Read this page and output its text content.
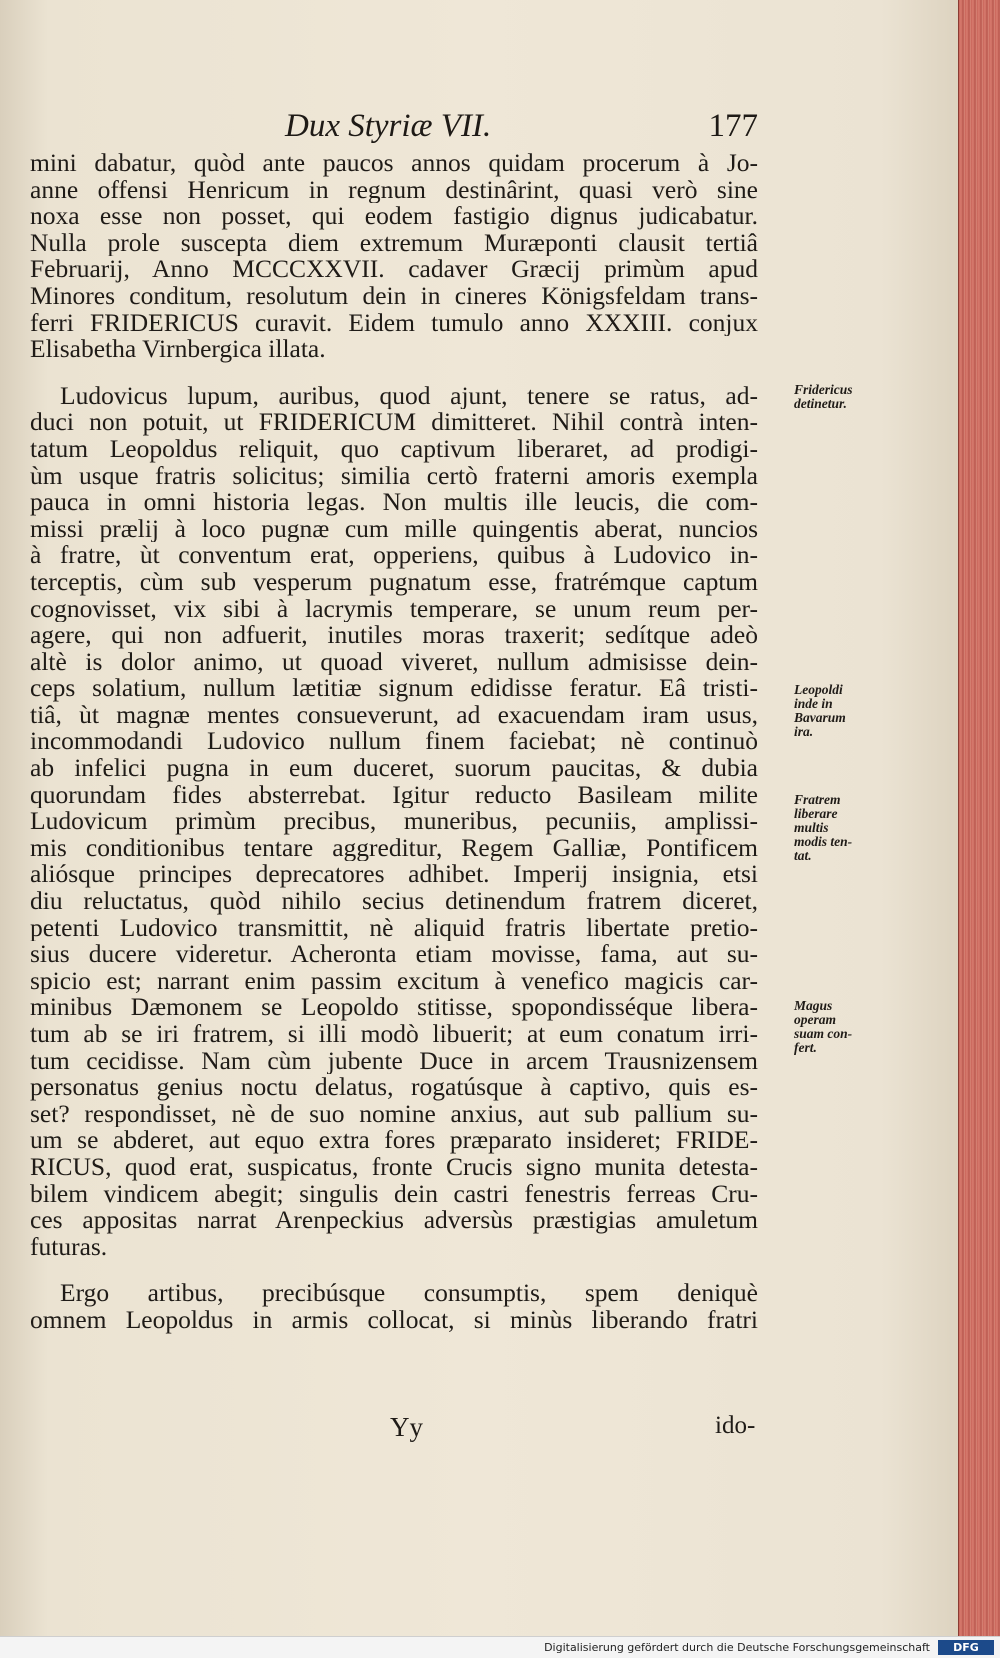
Dux Styriæ VII.	177
mini dabatur, quòd ante paucos annos quidam procerum à Jo-
anne offensi Henricum in regnum destinârint, quasi verò sine
noxa esse non posset, qui eodem fastigio dignus judicabatur.
Nulla prole suscepta diem extremum Muræponti clausit tertiâ
Februarij, Anno MCCCXXVII. cadaver Græcij primùm apud
Minores conditum, resolutum dein in cineres Königsfeldam trans-
ferri FRIDERICUS curavit. Eidem tumulo anno XXXIII. conjux
Elisabetha Virnbergica illata.
Ludovicus lupum, auribus, quod ajunt, tenere se ratus, ad-
duci non potuit, ut FRIDERICUM dimitteret. Nihil contrà inten-
tatum Leopoldus reliquit, quo captivum liberaret, ad prodigi-
ùm usque fratris solicitus; similia certò fraterni amoris exempla
pauca in omni historia legas. Non multis ille leucis, die com-
missi prælij à loco pugnæ cum mille quingentis aberat, nuncios
à fratre, ùt conventum erat, opperiens, quibus à Ludovico in-
terceptis, cùm sub vesperum pugnatum esse, fratrémque captum
cognovisset, vix sibi à lacrymis temperare, se unum reum per-
agere, qui non adfuerit, inutiles moras traxerit; sedítque adeò
altè is dolor animo, ut quoad viveret, nullum admisisse dein-
ceps solatium, nullum lætitiæ signum edidisse feratur. Eâ tristi-
tiâ, ùt magnæ mentes consueverunt, ad exacuendam iram usus,
incommodandi Ludovico nullum finem faciebat; nè continuò
ab infelici pugna in eum duceret, suorum paucitas, & dubia
quorundam fides absterrebat. Igitur reducto Basileam milite
Ludovicum primùm precibus, muneribus, pecuniis, amplissi-
mis conditionibus tentare aggreditur, Regem Galliæ, Pontificem
aliósque principes deprecatores adhibet. Imperij insignia, etsi
diu reluctatus, quòd nihilo secius detinendum fratrem diceret,
petenti Ludovico transmittit, nè aliquid fratris libertate pretio-
sius ducere videretur. Acheronta etiam movisse, fama, aut su-
spicio est; narrant enim passim excitum à venefico magicis car-
minibus Dæmonem se Leopoldo stitisse, spopondisséque libera-
tum ab se iri fratrem, si illi modò libuerit; at eum conatum irri-
tum cecidisse. Nam cùm jubente Duce in arcem Trausnizensem
personatus genius noctu delatus, rogatúsque à captivo, quis es-
set? respondisset, nè de suo nomine anxius, aut sub pallium su-
um se abderet, aut equo extra fores præparato insideret; FRIDE-
RICUS, quod erat, suspicatus, fronte Crucis signo munita detesta-
bilem vindicem abegit; singulis dein castri fenestris ferreas Cru-
ces appositas narrat Arenpeckius adversùs præstigias amuletum
futuras.
Ergo artibus, precibúsque consumptis, spem deniquè
omnem Leopoldus in armis collocat, si minùs liberando fratri
Fridericus
detinetur.
Leopoldi
inde in
Bavarum
ira.
Fratrem
liberare
multis
modis ten-
tat.
Magus
operam
suam con-
fert.
Yy	ido-
Digitalisierung gefördert durch die Deutsche Forschungsgemeinschaft	DFG
